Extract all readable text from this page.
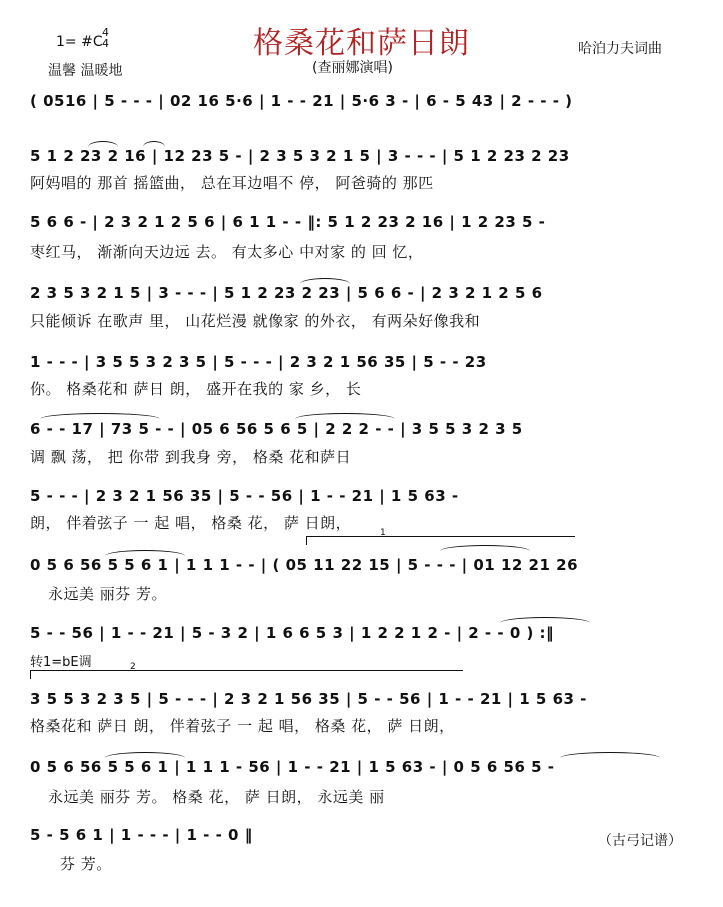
格桑花和萨日朗
1= #C
4
4
温馨 温暖地	(查丽娜演唱)
哈泊力夫词曲
( 0516 | 5 - - - | 02 16 5·6 | 1 - - 21 | 5·6 3 - | 6 - 5 43 | 2 - - - )
5 1 2 23 2 16 | 12 23 5 - | 2 3 5 3 2 1 5 | 3 - - - | 5 1 2 23 2 23
阿妈唱的 那首 摇篮曲， 总在耳边唱不 停， 阿爸骑的 那匹
5 6 6 - | 2 3 2 1 2 5 6 | 6 1 1 - - ‖: 5 1 2 23 2 16 | 1 2 23 5 -
枣红马， 渐渐向天边远 去。 有太多心 中对家 的 回 忆，
2 3 5 3 2 1 5 | 3 - - - | 5 1 2 23 2 23 | 5 6 6 - | 2 3 2 1 2 5 6
只能倾诉 在歌声 里， 山花烂漫 就像家 的外衣， 有两朵好像我和
1 - - - | 3 5 5 3 2 3 5 | 5 - - - | 2 3 2 1 56 35 | 5 - - 23
你。 格桑花和 萨日 朗， 盛开在我的 家 乡， 长
6 - - 17 | 73 5 - - | 05 6 56 5 6 5 | 2 2 2 - - | 3 5 5 3 2 3 5
调 飘 荡， 把 你带 到我身 旁， 格桑 花和萨日
5 - - - | 2 3 2 1 56 35 | 5 - - 56 | 1 - - 21 | 1 5 63 -
朗， 伴着弦子 一 起 唱， 格桑 花， 萨 日朗，
1
0 5 6 56 5 5 6 1 | 1 1 1 - - | ( 05 11 22 15 | 5 - - - | 01 12 21 26
永远美 丽芬 芳。
5 - - 56 | 1 - - 21 | 5 - 3 2 | 1 6 6 5 3 | 1 2 2 1 2 - | 2 - - 0 ) :‖
转1=bE调	2
3 5 5 3 2 3 5 | 5 - - - | 2 3 2 1 56 35 | 5 - - 56 | 1 - - 21 | 1 5 63 -
格桑花和 萨日 朗， 伴着弦子 一 起 唱， 格桑 花， 萨 日朗，
0 5 6 56 5 5 6 1 | 1 1 1 - 56 | 1 - - 21 | 1 5 63 - | 0 5 6 56 5 -
永远美 丽芬 芳。 格桑 花， 萨 日朗， 永远美 丽
5 - 5 6 1 | 1 - - - | 1 - - 0 ‖
芬 芳。
（古弓记谱）
